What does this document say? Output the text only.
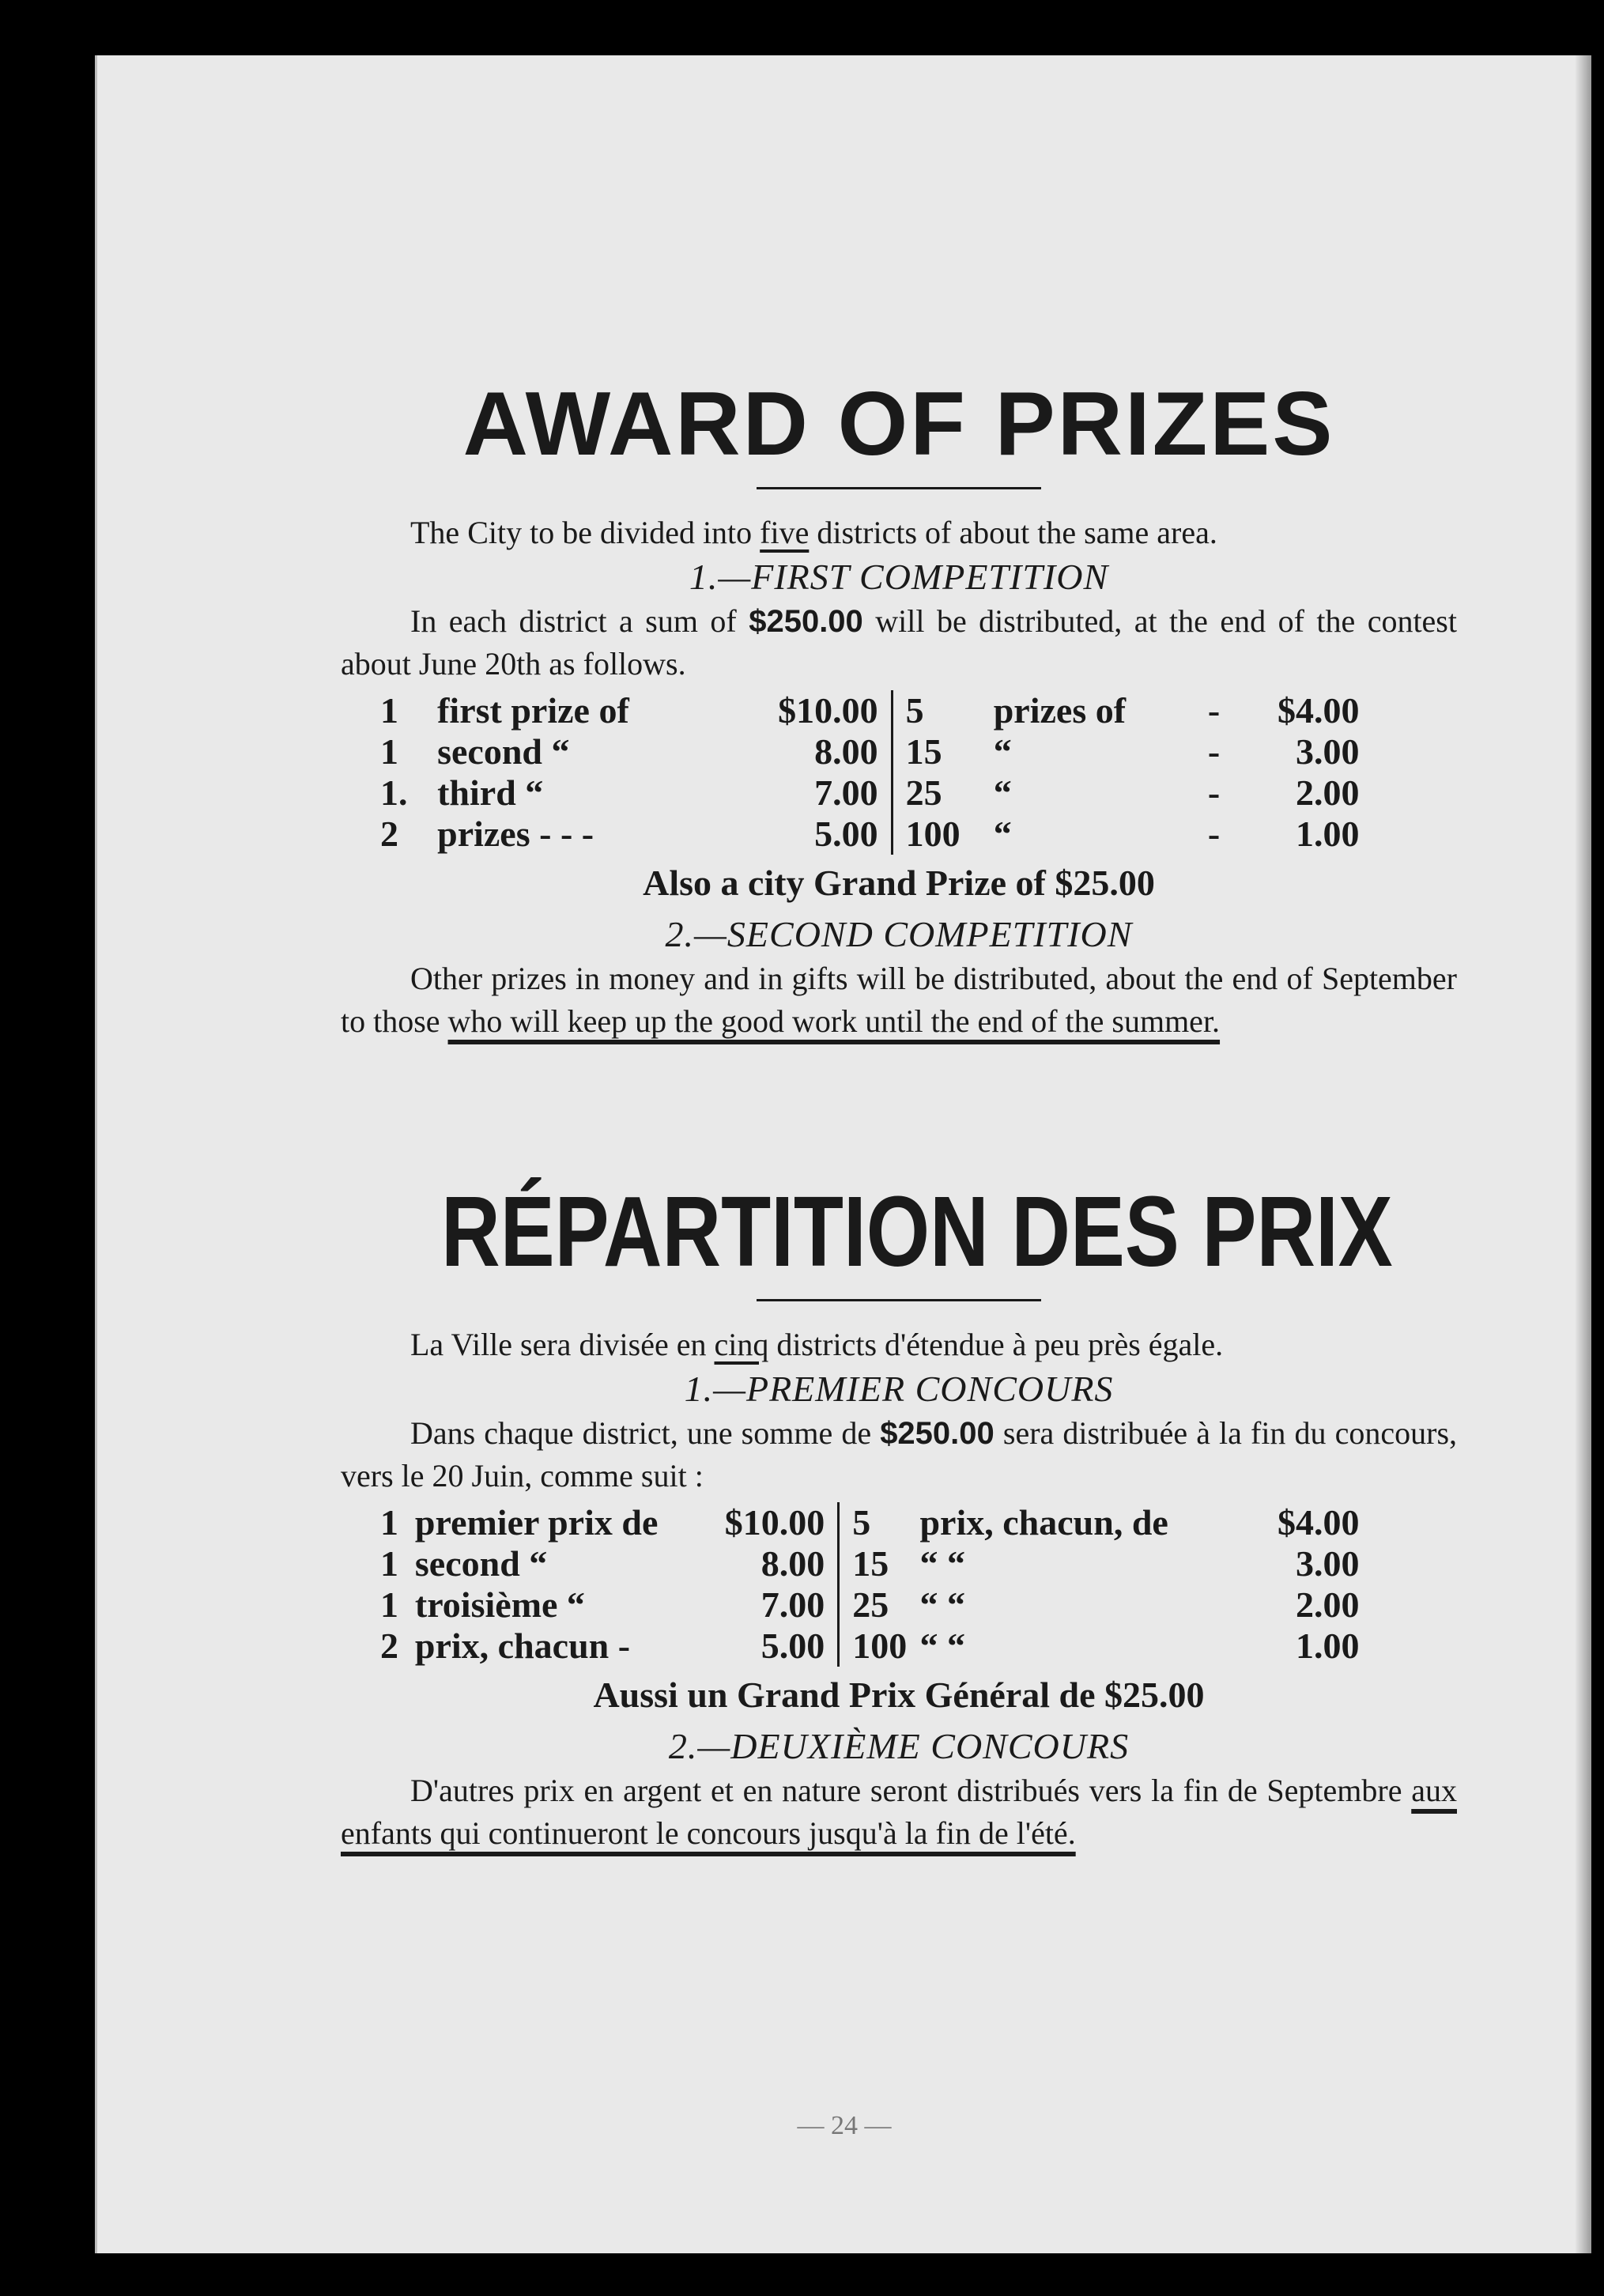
AWARD OF PRIZES

The City to be divided into five districts of about the same area.

1.—FIRST COMPETITION

In each district a sum of $250.00 will be distributed, at the end of the contest about June 20th as follows.

1	first prize of	$10.00	5	prizes of	-	$4.00
1	second “	8.00	15	“	-	3.00
1.	third “	7.00	25	“	-	2.00
2	prizes - - -	5.00	100	“	-	1.00

Also a city Grand Prize of $25.00

2.—SECOND COMPETITION

Other prizes in money and in gifts will be distributed, about the end of September to those who will keep up the good work until the end of the summer.

RÉPARTITION DES PRIX

La Ville sera divisée en cinq districts d'étendue à peu près égale.

1.—PREMIER CONCOURS

Dans chaque district, une somme de $250.00 sera distribuée à la fin du concours, vers le 20 Juin, comme suit :

1	premier prix de	$10.00	5	prix, chacun, de		$4.00
1	second “	8.00	15	“ “		3.00
1	troisième “	7.00	25	“ “		2.00
2	prix, chacun -	5.00	100	“ “		1.00

Aussi un Grand Prix Général de $25.00

2.—DEUXIÈME CONCOURS

D'autres prix en argent et en nature seront distribués vers la fin de Septembre aux enfants qui continueront le concours jusqu'à la fin de l'été.

— 24 —
